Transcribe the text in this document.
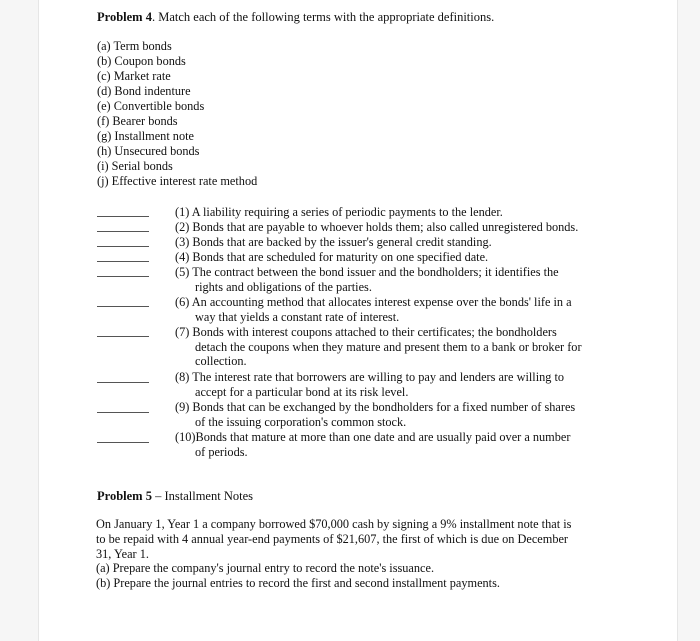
Problem 4. Match each of the following terms with the appropriate definitions.
(a) Term bonds
(b) Coupon bonds
(c) Market rate
(d) Bond indenture
(e) Convertible bonds
(f) Bearer bonds
(g) Installment note
(h) Unsecured bonds
(i) Serial bonds
(j) Effective interest rate method
(1) A liability requiring a series of periodic payments to the lender.
(2) Bonds that are payable to whoever holds them; also called unregistered bonds.
(3) Bonds that are backed by the issuer's general credit standing.
(4) Bonds that are scheduled for maturity on one specified date.
(5) The contract between the bond issuer and the bondholders; it identifies the
rights and obligations of the parties.
(6) An accounting method that allocates interest expense over the bonds' life in a
way that yields a constant rate of interest.
(7) Bonds with interest coupons attached to their certificates; the bondholders
detach the coupons when they mature and present them to a bank or broker for
collection.
(8) The interest rate that borrowers are willing to pay and lenders are willing to
accept for a particular bond at its risk level.
(9) Bonds that can be exchanged by the bondholders for a fixed number of shares
of the issuing corporation's common stock.
(10)Bonds that mature at more than one date and are usually paid over a number
of periods.
Problem 5 – Installment Notes
On January 1, Year 1 a company borrowed $70,000 cash by signing a 9% installment note that is
to be repaid with 4 annual year-end payments of $21,607, the first of which is due on December
31, Year 1.
(a) Prepare the company's journal entry to record the note's issuance.
(b) Prepare the journal entries to record the first and second installment payments.
